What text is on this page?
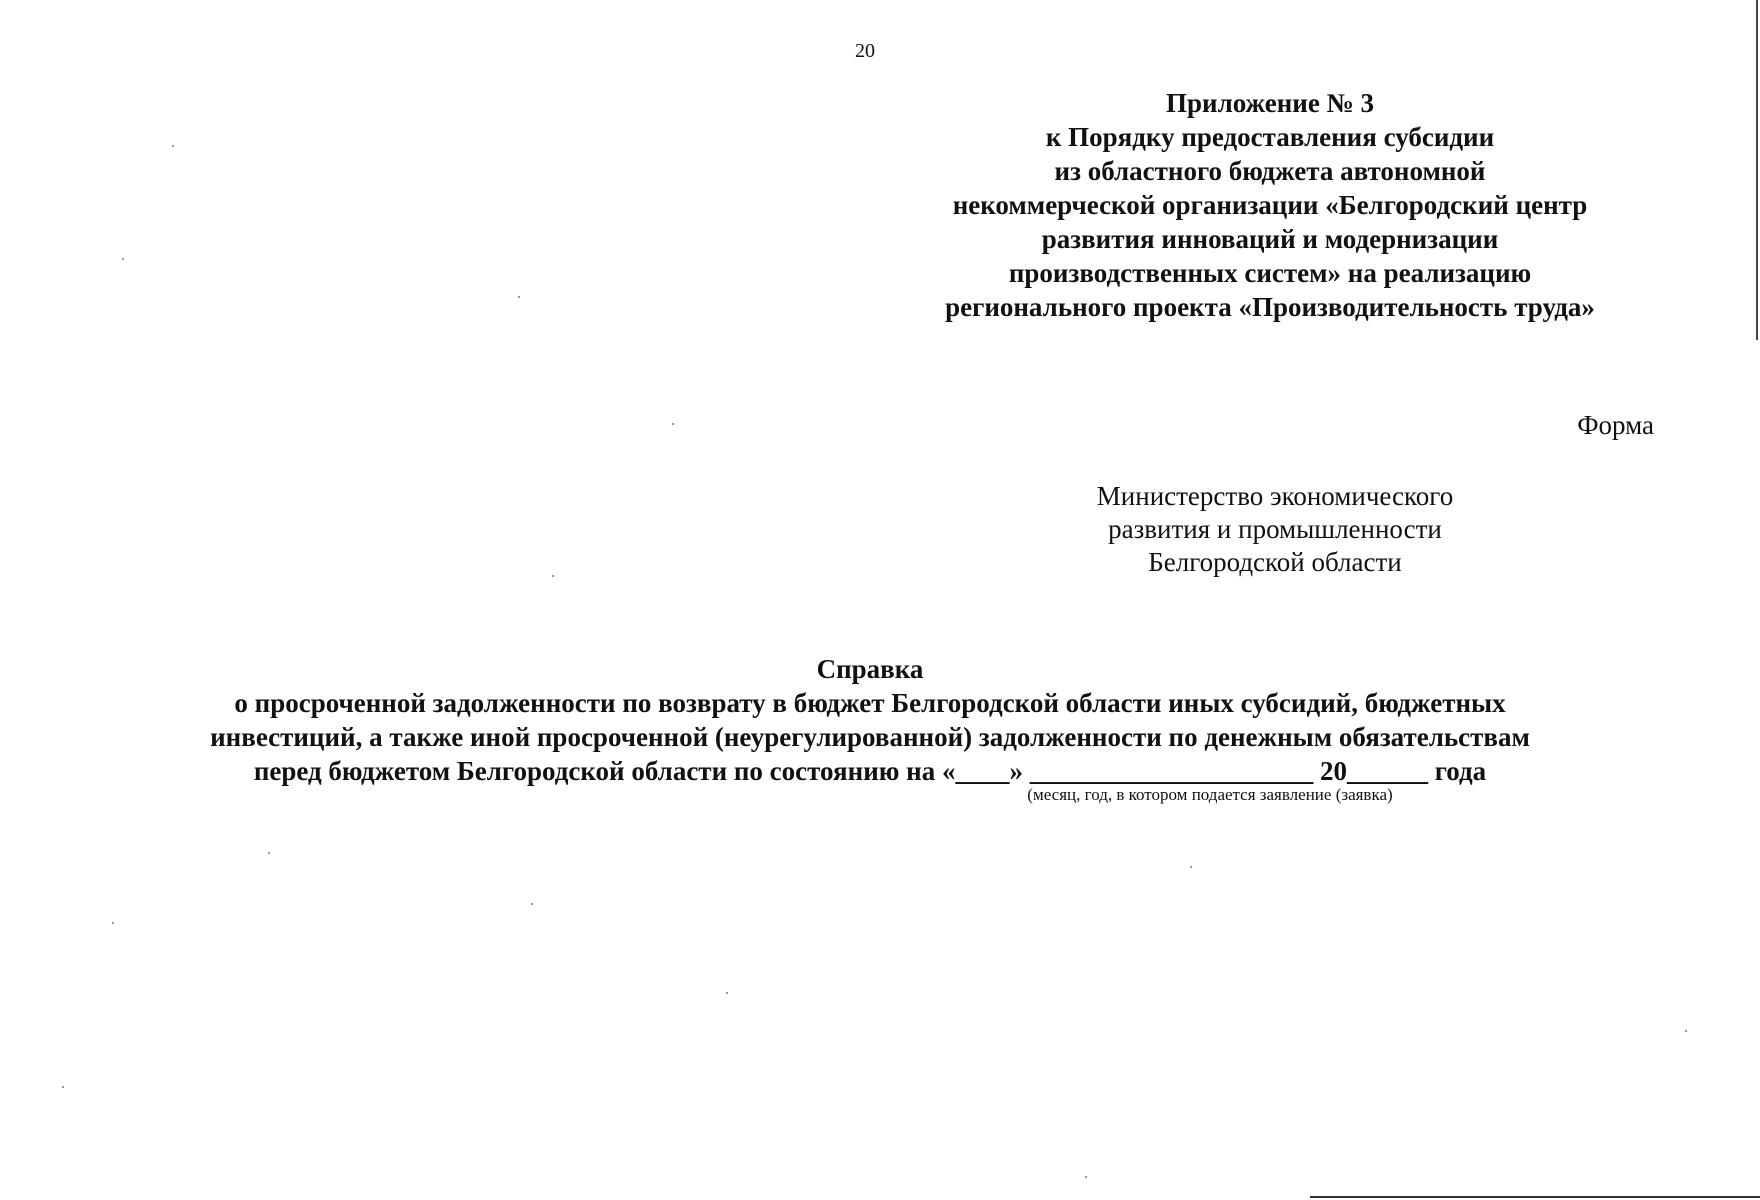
20
Приложение № 3
к Порядку предоставления субсидии
из областного бюджета автономной
некоммерческой организации «Белгородский центр
развития инноваций и модернизации
производственных систем» на реализацию
регионального проекта «Производительность труда»
Форма
Министерство экономического
развития и промышленности
Белгородской области
Справка
о просроченной задолженности по возврату в бюджет Белгородской области иных субсидий, бюджетных
инвестиций, а также иной просроченной (неурегулированной) задолженности по денежным обязательствам
перед бюджетом Белгородской области по состоянию на «____» _____________________ 20______ года
(месяц, год, в котором подается заявление (заявка)
